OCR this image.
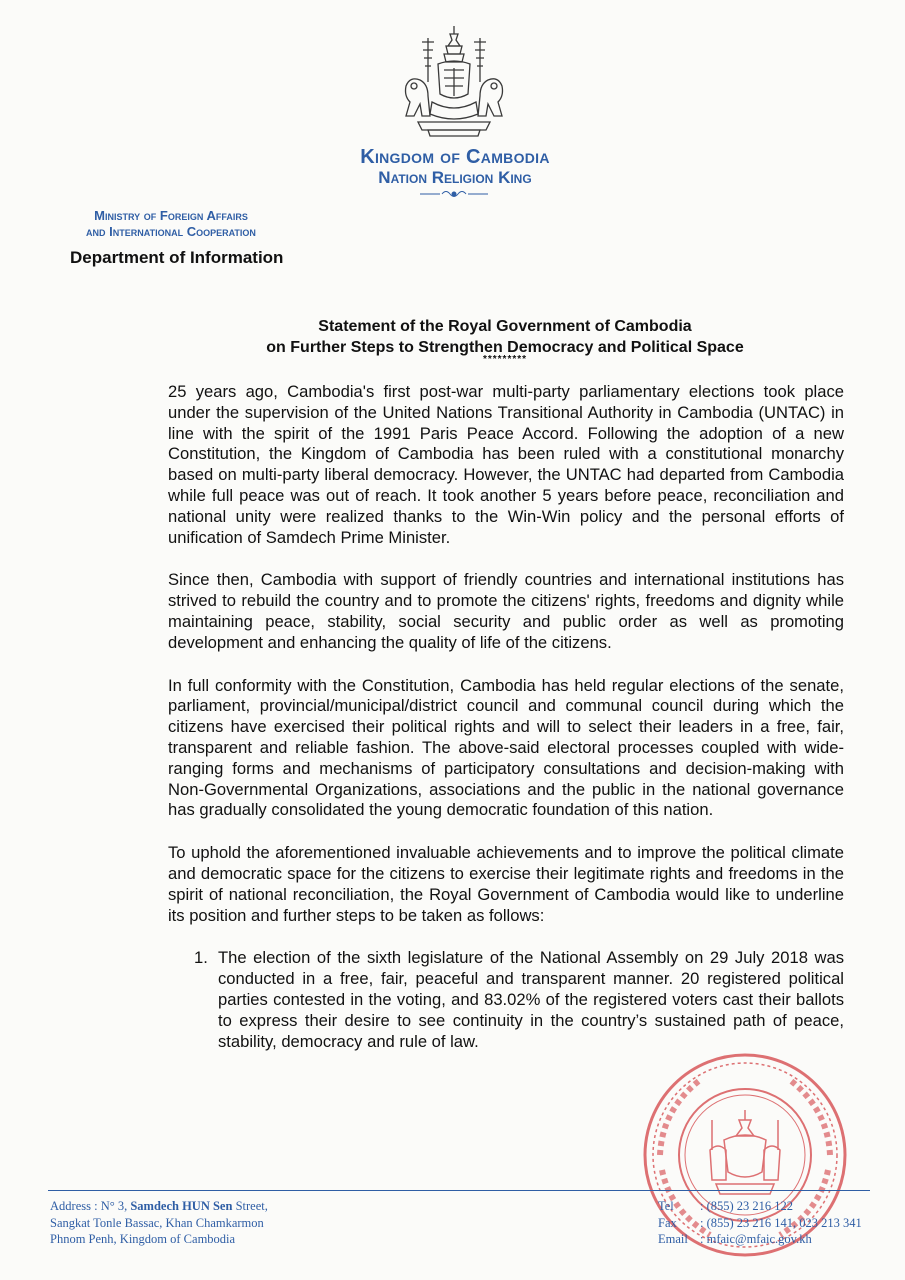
Kingdom of Cambodia
Nation Religion King
Ministry of Foreign Affairs
and International Cooperation
Department of Information
Statement of the Royal Government of Cambodia
on Further Steps to Strengthen Democracy and Political Space
*********

25 years ago, Cambodia's first post-war multi-party parliamentary elections took place under the supervision of the United Nations Transitional Authority in Cambodia (UNTAC) in line with the spirit of the 1991 Paris Peace Accord. Following the adoption of a new Constitution, the Kingdom of Cambodia has been ruled with a constitutional monarchy based on multi-party liberal democracy. However, the UNTAC had departed from Cambodia while full peace was out of reach. It took another 5 years before peace, reconciliation and national unity were realized thanks to the Win-Win policy and the personal efforts of unification of Samdech Prime Minister.

Since then, Cambodia with support of friendly countries and international institutions has strived to rebuild the country and to promote the citizens' rights, freedoms and dignity while maintaining peace, stability, social security and public order as well as promoting development and enhancing the quality of life of the citizens.

In full conformity with the Constitution, Cambodia has held regular elections of the senate, parliament, provincial/municipal/district council and communal council during which the citizens have exercised their political rights and will to select their leaders in a free, fair, transparent and reliable fashion. The above-said electoral processes coupled with wide-ranging forms and mechanisms of participatory consultations and decision-making with Non-Governmental Organizations, associations and the public in the national governance has gradually consolidated the young democratic foundation of this nation.

To uphold the aforementioned invaluable achievements and to improve the political climate and democratic space for the citizens to exercise their legitimate rights and freedoms in the spirit of national reconciliation, the Royal Government of Cambodia would like to underline its position and further steps to be taken as follows:

1. The election of the sixth legislature of the National Assembly on 29 July 2018 was conducted in a free, fair, peaceful and transparent manner. 20 registered political parties contested in the voting, and 83.02% of the registered voters cast their ballots to express their desire to see continuity in the country’s sustained path of peace, stability, democracy and rule of law.
Address : N° 3, Samdech HUN Sen Street,
Sangkat Tonle Bassac, Khan Chamkarmon
Phnom Penh, Kingdom of Cambodia
Tel : (855) 23 216 122
Fax : (855) 23 216 141, 023 213 341
Email : mfaic@mfaic.gov.kh
